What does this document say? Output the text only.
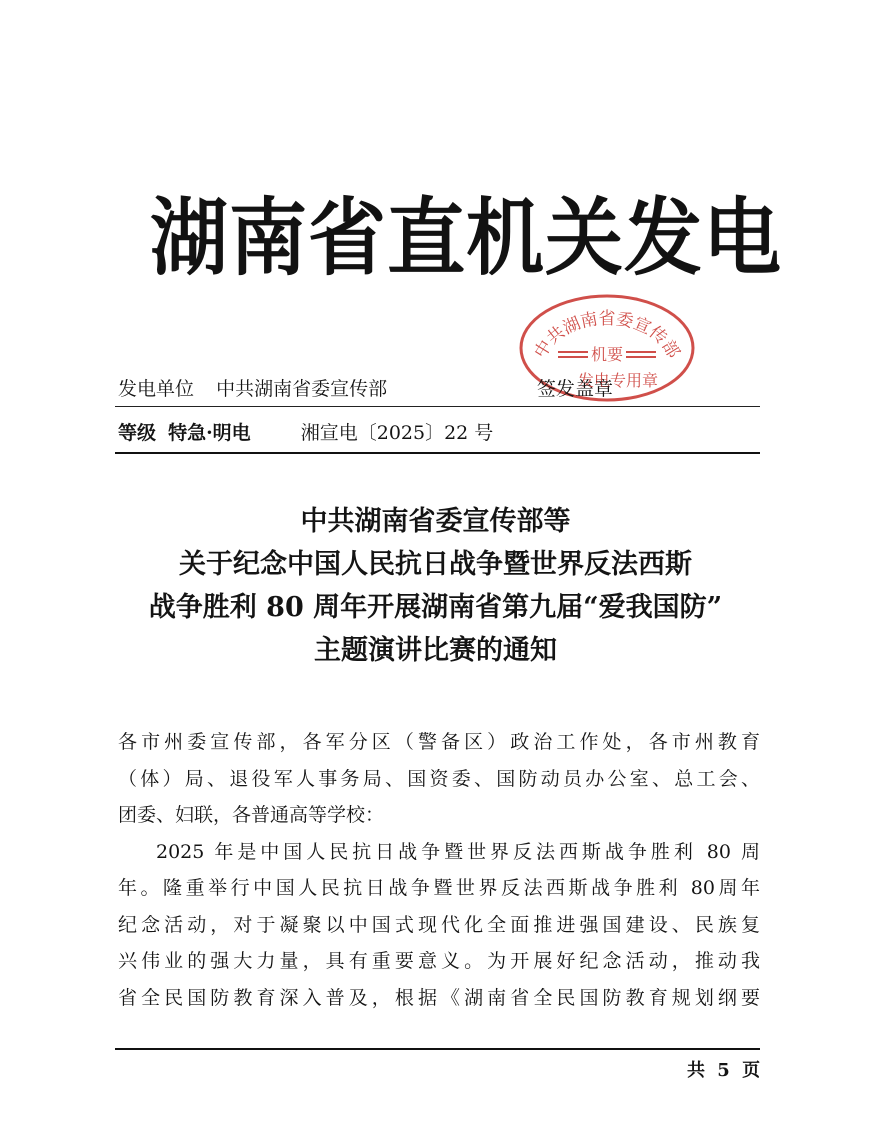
湖南省直机关发电
中共湖南省委宣传部
机要
发电专用章
发电单位 中共湖南省委宣传部	签发盖章
等级 特急·明电	湘宣电〔2025〕22 号
中共湖南省委宣传部等
关于纪念中国人民抗日战争暨世界反法西斯
战争胜利 80 周年开展湖南省第九届“爱我国防”
主题演讲比赛的通知

各市州委宣传部，各军分区（警备区）政治工作处，各市州教育

（体）局、退役军人事务局、国资委、国防动员办公室、总工会、

团委、妇联，各普通高等学校：

2025 年是中国人民抗日战争暨世界反法西斯战争胜利 80 周

年。隆重举行中国人民抗日战争暨世界反法西斯战争胜利 80周年

纪念活动，对于凝聚以中国式现代化全面推进强国建设、民族复

兴伟业的强大力量，具有重要意义。为开展好纪念活动，推动我

省全民国防教育深入普及，根据《湖南省全民国防教育规划纲要

共 5 页
